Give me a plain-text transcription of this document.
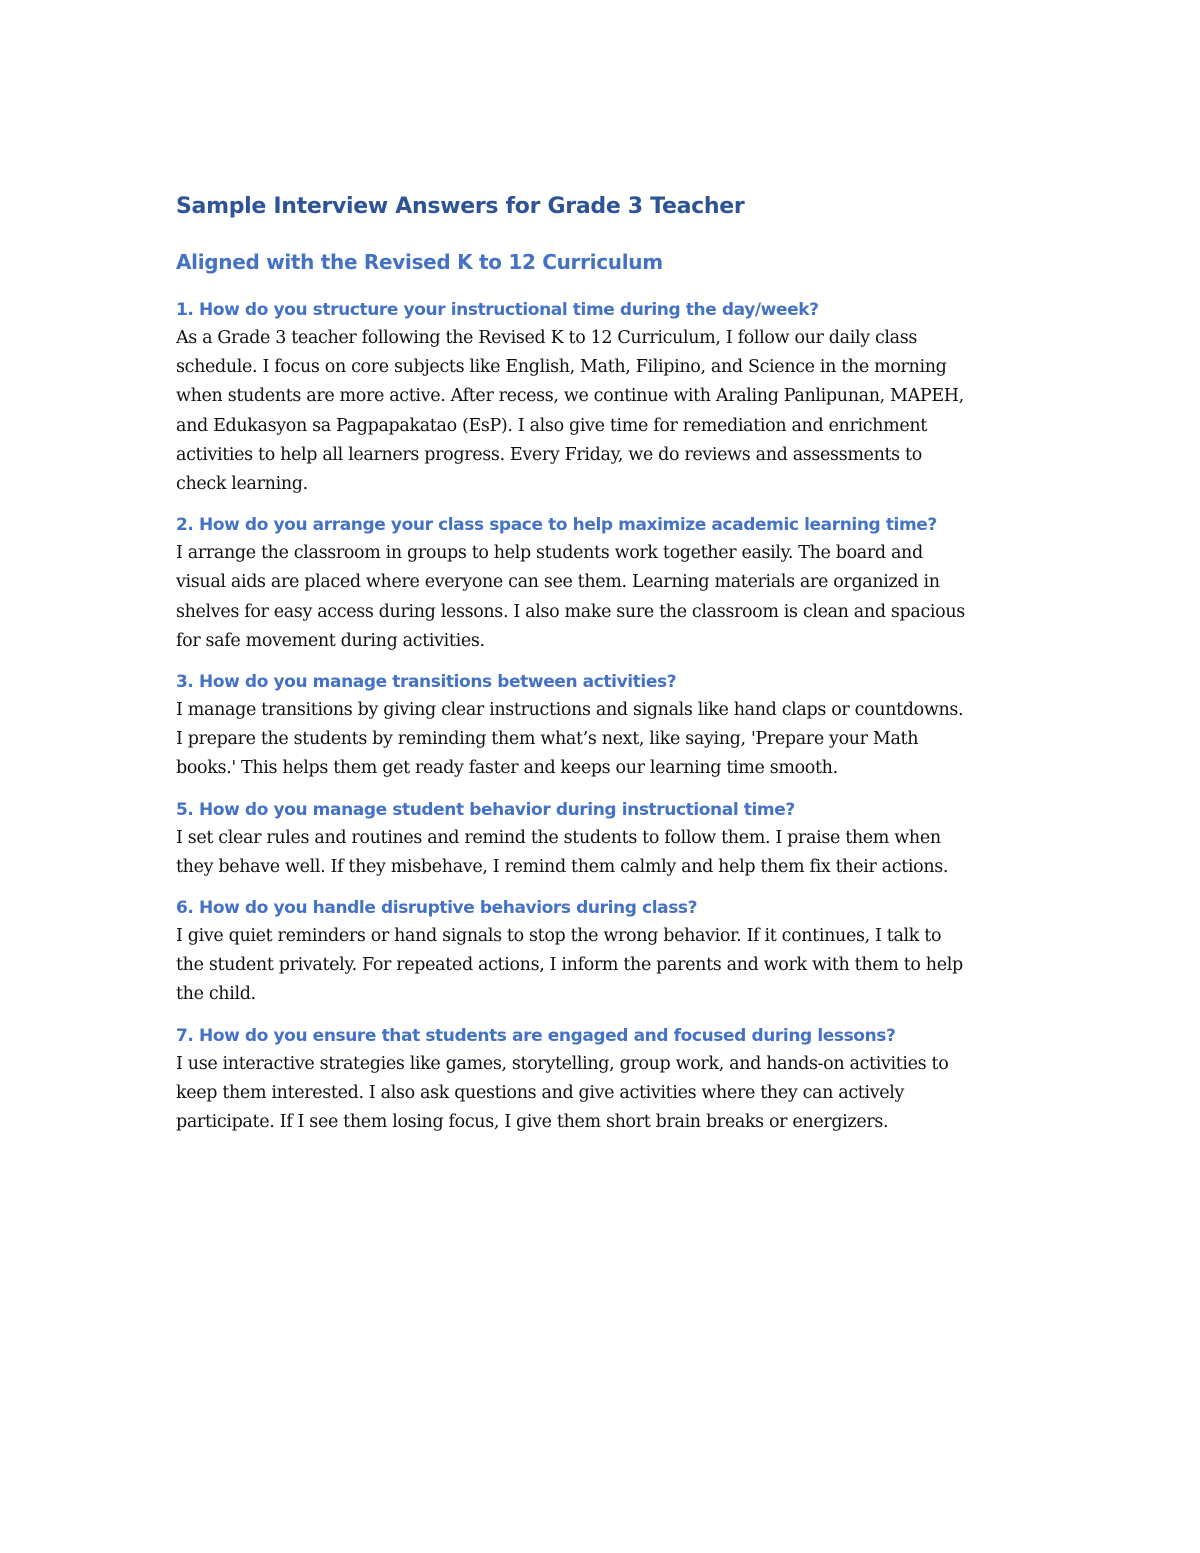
Sample Interview Answers for Grade 3 Teacher
Aligned with the Revised K to 12 Curriculum
1. How do you structure your instructional time during the day/week?

As a Grade 3 teacher following the Revised K to 12 Curriculum, I follow our daily class
schedule. I focus on core subjects like English, Math, Filipino, and Science in the morning
when students are more active. After recess, we continue with Araling Panlipunan, MAPEH,
and Edukasyon sa Pagpapakatao (EsP). I also give time for remediation and enrichment
activities to help all learners progress. Every Friday, we do reviews and assessments to
check learning.

2. How do you arrange your class space to help maximize academic learning time?

I arrange the classroom in groups to help students work together easily. The board and
visual aids are placed where everyone can see them. Learning materials are organized in
shelves for easy access during lessons. I also make sure the classroom is clean and spacious
for safe movement during activities.

3. How do you manage transitions between activities?

I manage transitions by giving clear instructions and signals like hand claps or countdowns.
I prepare the students by reminding them what’s next, like saying, 'Prepare your Math
books.' This helps them get ready faster and keeps our learning time smooth.

5. How do you manage student behavior during instructional time?

I set clear rules and routines and remind the students to follow them. I praise them when
they behave well. If they misbehave, I remind them calmly and help them fix their actions.

6. How do you handle disruptive behaviors during class?

I give quiet reminders or hand signals to stop the wrong behavior. If it continues, I talk to
the student privately. For repeated actions, I inform the parents and work with them to help
the child.

7. How do you ensure that students are engaged and focused during lessons?

I use interactive strategies like games, storytelling, group work, and hands-on activities to
keep them interested. I also ask questions and give activities where they can actively
participate. If I see them losing focus, I give them short brain breaks or energizers.
